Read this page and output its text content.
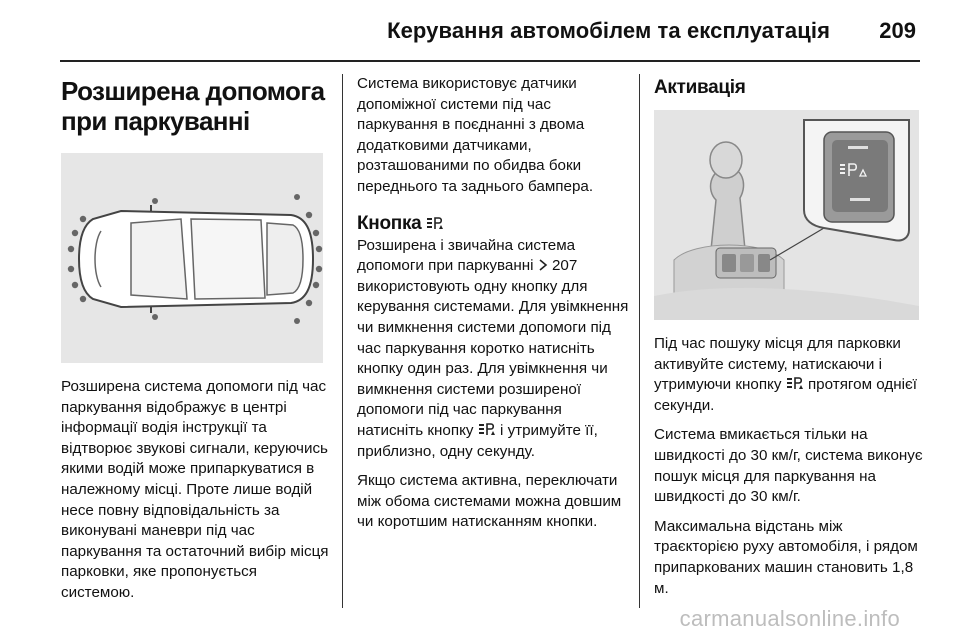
Керування автомобілем та експлуатація 209
Розширена допомога при паркуванні
Розширена система допомоги під час паркування відображує в центрі інформації водія інструкції та відтворює звукові сигнали, керуючись якими водій може припаркуватися в належному місці. Проте лише водій несе повну відповідальність за виконувані маневри під час паркування та остаточний вибір місця парковки, яке пропонується системою.
Система використовує датчики допоміжної системи під час паркування в поєднанні з двома додатковими датчиками, розташованими по обидва боки переднього та заднього бампера.
Кнопка
Розширена і звичайна система допомоги при паркуванні 207 використовують одну кнопку для керування системами. Для увімкнення чи вимкнення системи допомоги під час паркування коротко натисніть кнопку один раз. Для увімкнення чи вимкнення системи розширеної допомоги під час паркування натисніть кнопку і утримуйте її, приблизно, одну секунду.
Якщо система активна, переключати між обома системами можна довшим чи коротшим натисканням кнопки.
Активація
Під час пошуку місця для парковки активуйте систему, натискаючи і утримуючи кнопку протягом однієї секунди.
Система вмикається тільки на швидкості до 30 км/г, система виконує пошук місця для паркування на швидкості до 30 км/г.
Максимальна відстань між траєкторією руху автомобіля, і рядом припаркованих машин становить 1,8 м.
carmanualsonline.info
